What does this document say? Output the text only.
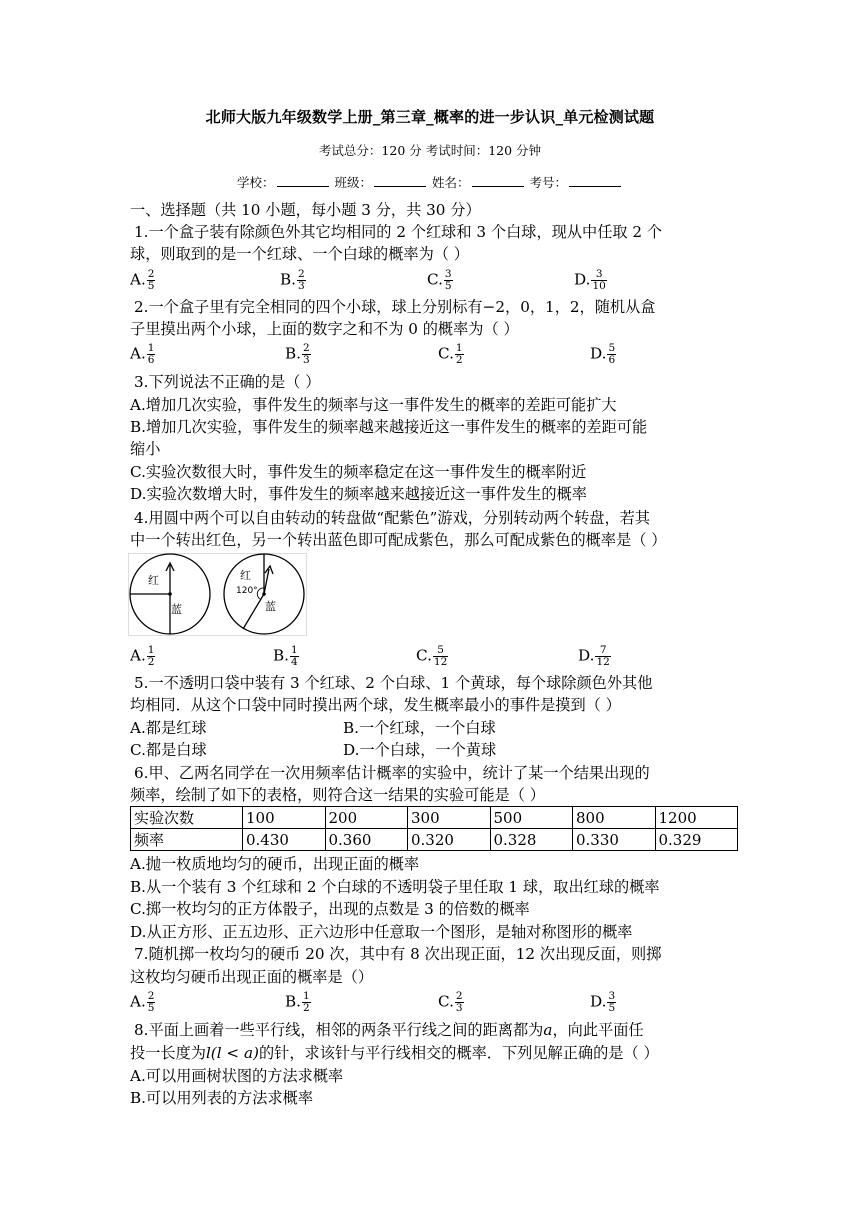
北师大版九年级数学上册_第三章_概率的进一步认识_单元检测试题
考试总分：120 分 考试时间：120 分钟
学校：	班级：	姓名：	考号：
一、选择题（共 10 小题，每小题 3 分，共 30 分）
1.一个盒子装有除颜色外其它均相同的 2 个红球和 3 个白球，现从中任取 2 个
球，则取到的是一个红球、一个白球的概率为（ ）
A. $\frac{2}{5}$	B. $\frac{2}{3}$	C. $\frac{3}{5}$	D. $\frac{3}{10}$
2.一个盒子里有完全相同的四个小球，球上分别标有−2，0，1，2，随机从盒
子里摸出两个小球，上面的数字之和不为 0 的概率为（ ）
A. $\frac{1}{6}$	B. $\frac{2}{3}$	C. $\frac{1}{2}$	D. $\frac{5}{6}$
3.下列说法不正确的是（ ）
A.增加几次实验，事件发生的频率与这一事件发生的概率的差距可能扩大
B.增加几次实验，事件发生的频率越来越接近这一事件发生的概率的差距可能
缩小
C.实验次数很大时，事件发生的频率稳定在这一事件发生的概率附近
D.实验次数增大时，事件发生的频率越来越接近这一事件发生的概率
4.用圆中两个可以自由转动的转盘做“配紫色”游戏，分别转动两个转盘，若其
中一个转出红色，另一个转出蓝色即可配成紫色，那么可配成紫色的概率是（ ）
红
蓝
红
120°
蓝
A. $\frac{1}{2}$	B. $\frac{1}{4}$	C. $\frac{5}{12}$	D. $\frac{7}{12}$
5.一不透明口袋中装有 3 个红球、2 个白球、1 个黄球，每个球除颜色外其他
均相同．从这个口袋中同时摸出两个球，发生概率最小的事件是摸到（ ）
A.都是红球	B.一个红球，一个白球
C.都是白球	D.一个白球，一个黄球
6.甲、乙两名同学在一次用频率估计概率的实验中，统计了某一个结果出现的
频率，绘制了如下的表格，则符合这一结果的实验可能是（ ）
实验次数	100	200	300	500	800	1200
频率	0.430	0.360	0.320	0.328	0.330	0.329
A.抛一枚质地均匀的硬币，出现正面的概率
B.从一个装有 3 个红球和 2 个白球的不透明袋子里任取 1 球，取出红球的概率
C.掷一枚均匀的正方体骰子，出现的点数是 3 的倍数的概率
D.从正方形、正五边形、正六边形中任意取一个图形，是轴对称图形的概率
7.随机掷一枚均匀的硬币 20 次，其中有 8 次出现正面，12 次出现反面，则掷
这枚均匀硬币出现正面的概率是（）
A. $\frac{2}{5}$	B. $\frac{1}{2}$	C. $\frac{2}{3}$	D. $\frac{3}{5}$
8.平面上画着一些平行线，相邻的两条平行线之间的距离都为a，向此平面任
投一长度为l(l < a)的针，求该针与平行线相交的概率．下列见解正确的是（ ）
A.可以用画树状图的方法求概率
B.可以用列表的方法求概率
